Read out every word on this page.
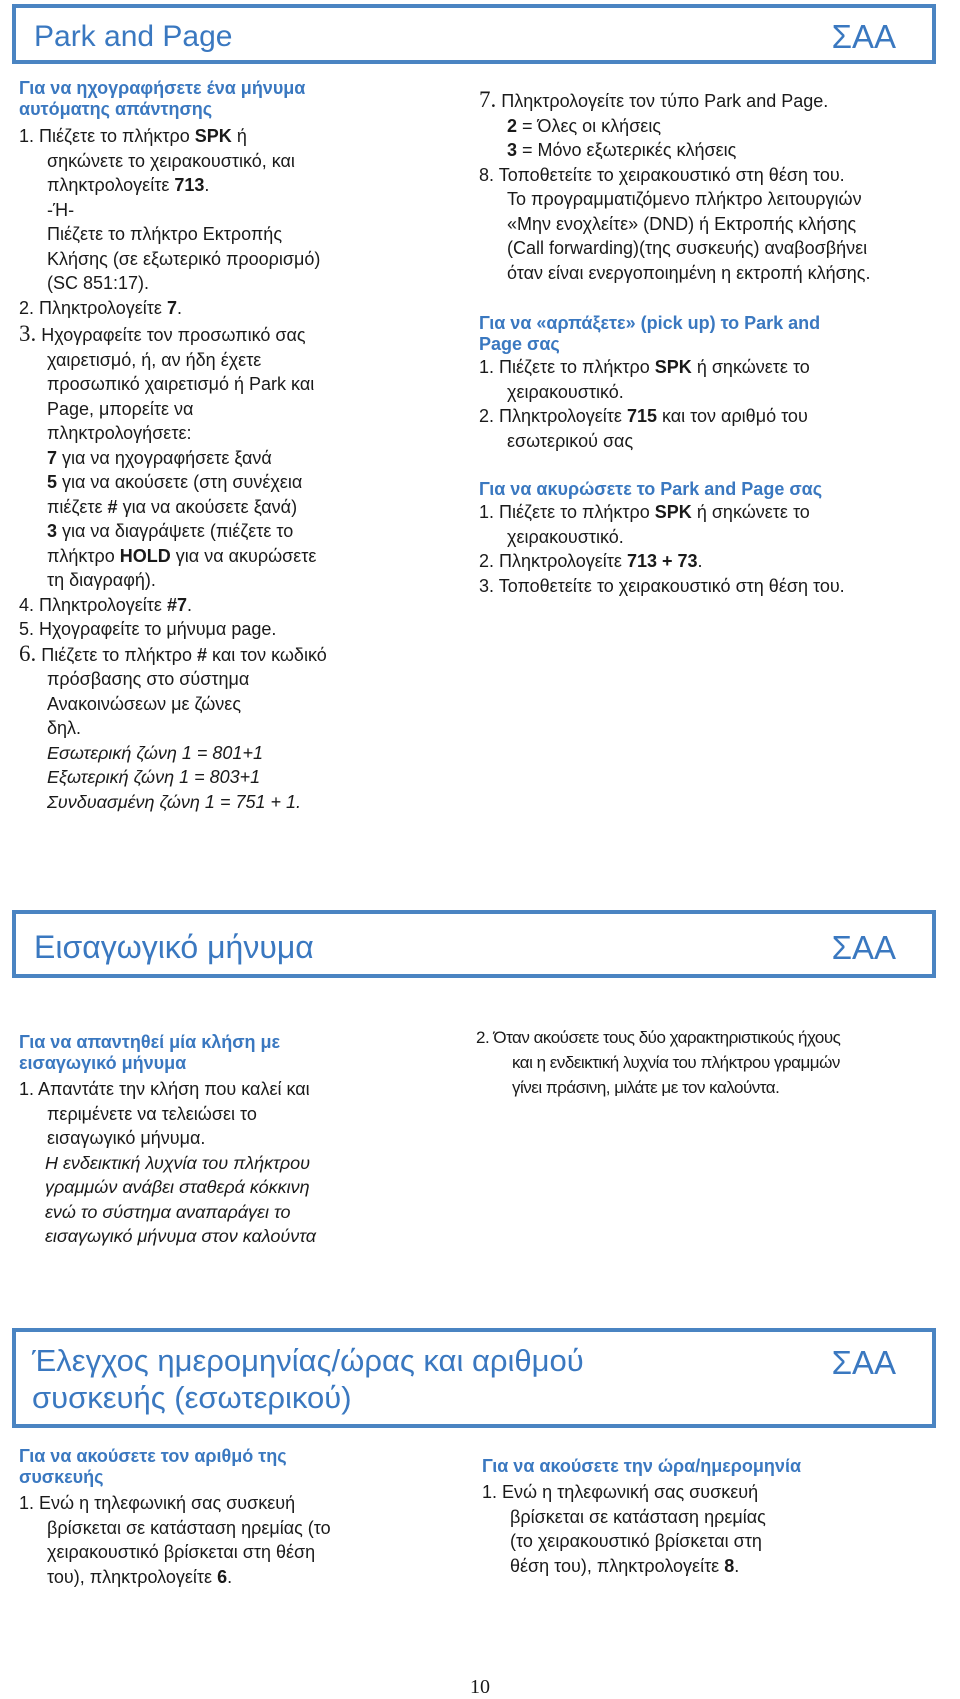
Park and Page	ΣΑΑ
Για να ηχογραφήσετε ένα μήνυμα
αυτόματης απάντησης
1. Πιέζετε το πλήκτρο SPK ή
σηκώνετε το χειρακουστικό, και
πληκτρολογείτε 713.
-Ή-
Πιέζετε το πλήκτρο Εκτροπής
Κλήσης (σε εξωτερικό προορισμό)
(SC 851:17).
2. Πληκτρολογείτε 7.
3. Ηχογραφείτε τον προσωπικό σας
χαιρετισμό, ή, αν ήδη έχετε
προσωπικό χαιρετισμό ή Park και
Page, μπορείτε να
πληκτρολογήσετε:
7 για να ηχογραφήσετε ξανά
5 για να ακούσετε (στη συνέχεια
πιέζετε # για να ακούσετε ξανά)
3 για να διαγράψετε (πιέζετε το
πλήκτρο HOLD για να ακυρώσετε
τη διαγραφή).
4. Πληκτρολογείτε #7.
5. Ηχογραφείτε το μήνυμα page.
6. Πιέζετε το πλήκτρο # και τον κωδικό
πρόσβασης στο σύστημα
Ανακοινώσεων με ζώνες
δηλ.
Εσωτερική ζώνη 1 = 801+1
Εξωτερική ζώνη 1 = 803+1
Συνδυασμένη ζώνη 1 = 751 + 1.
7. Πληκτρολογείτε τον τύπο Park and Page.
2 = Όλες οι κλήσεις
3 = Μόνο εξωτερικές κλήσεις
8. Τοποθετείτε το χειρακουστικό στη θέση του.
Το προγραμματιζόμενο πλήκτρο λειτουργιών
«Μην ενοχλείτε» (DND) ή Εκτροπής κλήσης
(Call forwarding)(της συσκευής) αναβοσβήνει
όταν είναι ενεργοποιημένη η εκτροπή κλήσης.
Για να «αρπάξετε» (pick up) το Park and
Page σας
1. Πιέζετε το πλήκτρο SPK ή σηκώνετε το
χειρακουστικό.
2. Πληκτρολογείτε 715 και τον αριθμό του
εσωτερικού σας
Για να ακυρώσετε το Park and Page σας
1. Πιέζετε το πλήκτρο SPK ή σηκώνετε το
χειρακουστικό.
2. Πληκτρολογείτε 713 + 73.
3. Τοποθετείτε το χειρακουστικό στη θέση του.
Εισαγωγικό μήνυμα	ΣΑΑ
Για να απαντηθεί μία κλήση με
εισαγωγικό μήνυμα
1. Απαντάτε την κλήση που καλεί και
περιμένετε να τελειώσει το
εισαγωγικό μήνυμα.
Η ενδεικτική λυχνία του πλήκτρου
γραμμών ανάβει σταθερά κόκκινη
ενώ το σύστημα αναπαράγει το
εισαγωγικό μήνυμα στον καλούντα
2. Όταν ακούσετε τους δύο χαρακτηριστικούς ήχους
και η ενδεικτική λυχνία του πλήκτρου γραμμών
γίνει πράσινη, μιλάτε με τον καλούντα.
Έλεγχος ημερομηνίας/ώρας και αριθμού
συσκευής (εσωτερικού)
ΣΑΑ
Για να ακούσετε τον αριθμό της
συσκευής
1. Ενώ η τηλεφωνική σας συσκευή
βρίσκεται σε κατάσταση ηρεμίας (το
χειρακουστικό βρίσκεται στη θέση
του), πληκτρολογείτε 6.
Για να ακούσετε την ώρα/ημερομηνία
1. Ενώ η τηλεφωνική σας συσκευή
βρίσκεται σε κατάσταση ηρεμίας
(το χειρακουστικό βρίσκεται στη
θέση του), πληκτρολογείτε 8.
10
